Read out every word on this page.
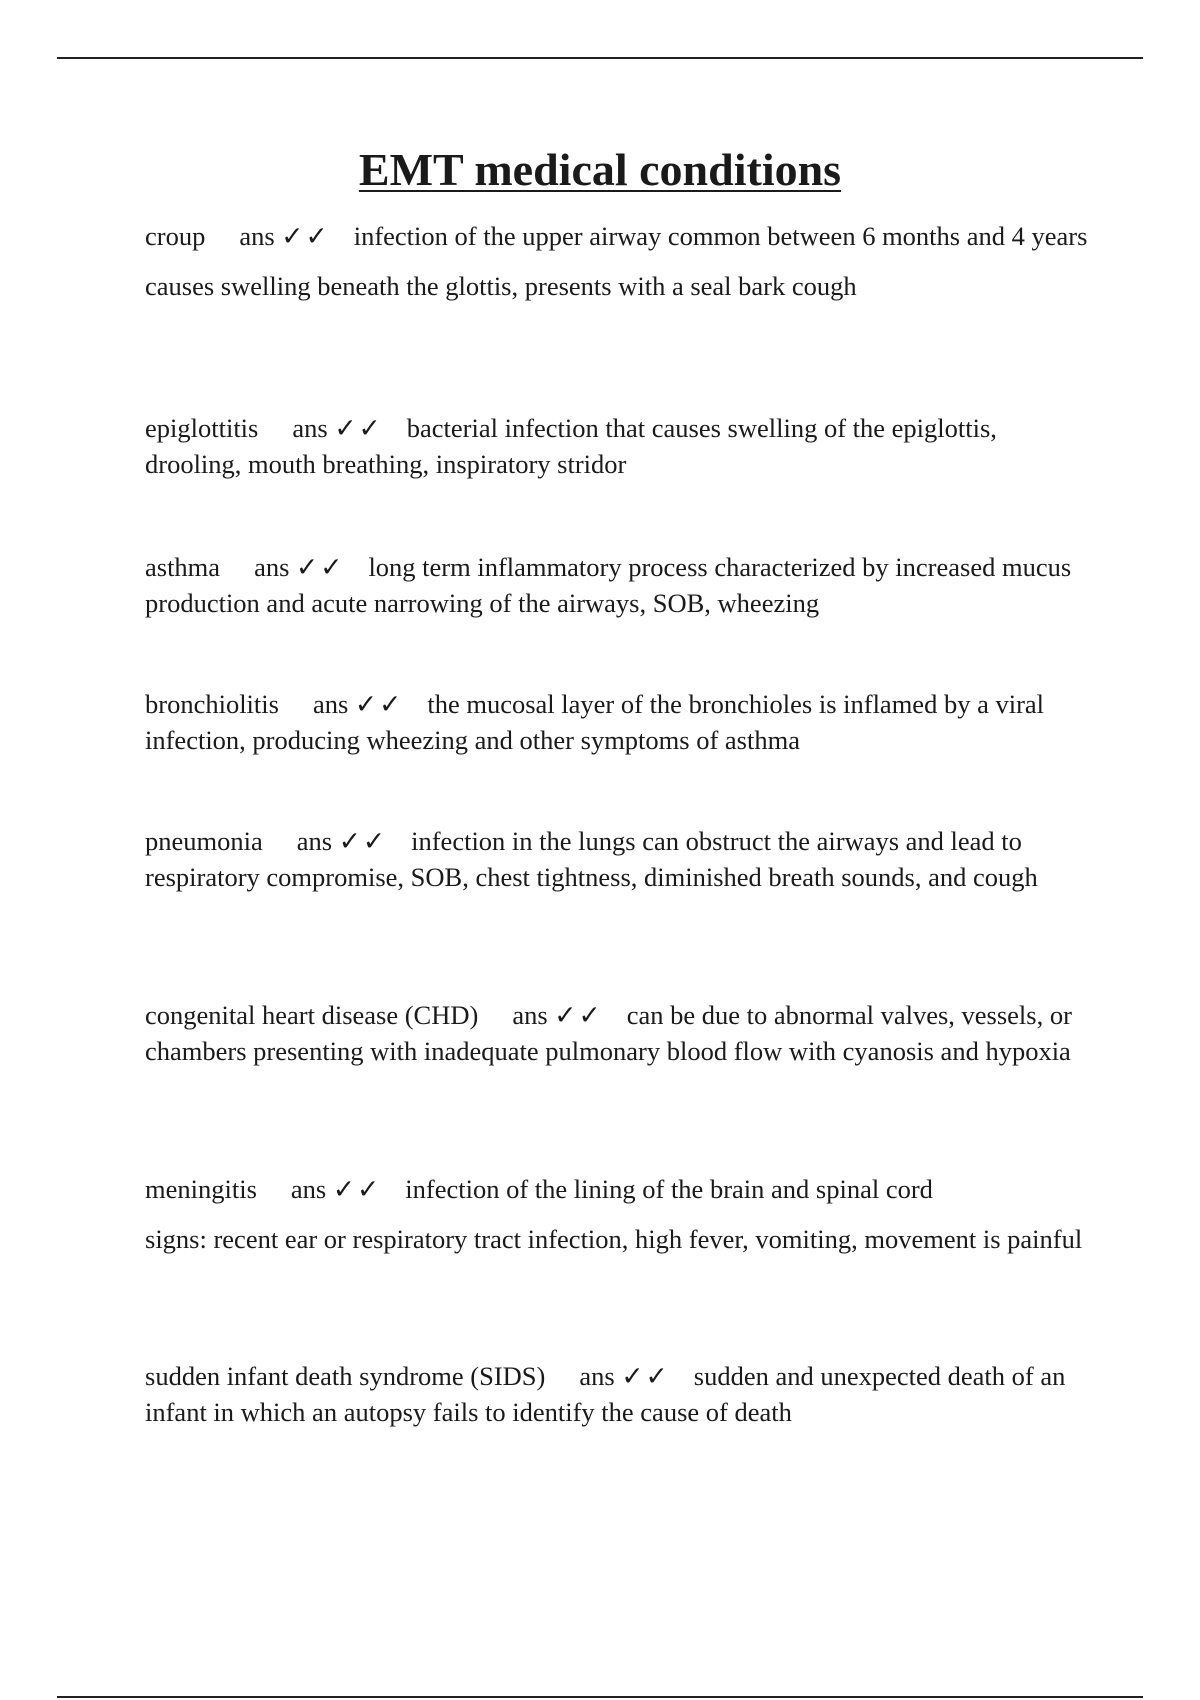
EMT medical conditions

croup ans ✓✓ infection of the upper airway common between 6 months and 4 years

causes swelling beneath the glottis, presents with a seal bark cough

epiglottitis ans ✓✓ bacterial infection that causes swelling of the epiglottis, drooling, mouth breathing, inspiratory stridor

asthma ans ✓✓ long term inflammatory process characterized by increased mucus production and acute narrowing of the airways, SOB, wheezing

bronchiolitis ans ✓✓ the mucosal layer of the bronchioles is inflamed by a viral infection, producing wheezing and other symptoms of asthma

pneumonia ans ✓✓ infection in the lungs can obstruct the airways and lead to respiratory compromise, SOB, chest tightness, diminished breath sounds, and cough

congenital heart disease (CHD) ans ✓✓ can be due to abnormal valves, vessels, or chambers presenting with inadequate pulmonary blood flow with cyanosis and hypoxia

meningitis ans ✓✓ infection of the lining of the brain and spinal cord

signs: recent ear or respiratory tract infection, high fever, vomiting, movement is painful

sudden infant death syndrome (SIDS) ans ✓✓ sudden and unexpected death of an infant in which an autopsy fails to identify the cause of death
